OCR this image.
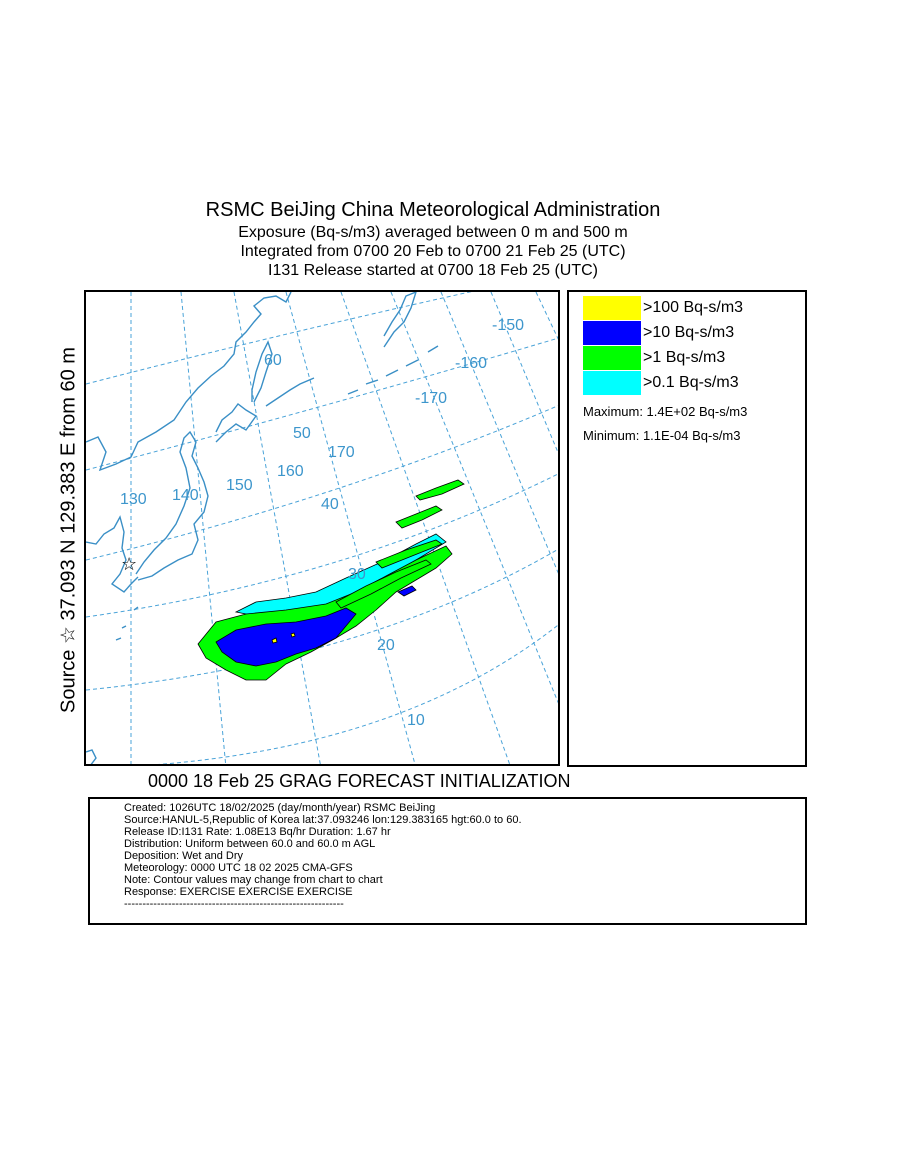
RSMC BeiJing China Meteorological Administration
Exposure (Bq-s/m3) averaged between 0 m and 500 m
Integrated from 0700 20 Feb to 0700 21 Feb 25 (UTC)
I131 Release started at 0700 18 Feb 25 (UTC)
Source ☆ 37.093 N 129.383 E from 60 m	130 140
150
160
170
-170
-160
-150
10
20
30
40
50
60
☆
>100 Bq-s/m3
>10 Bq-s/m3
>1 Bq-s/m3
>0.1 Bq-s/m3
Maximum: 1.4E+02 Bq-s/m3
Minimum: 1.1E-04 Bq-s/m3
0000 18 Feb 25 GRAG FORECAST INITIALIZATION
Created: 1026UTC 18/02/2025 (day/month/year) RSMC BeiJing
Source:HANUL-5,Republic of Korea lat:37.093246 lon:129.383165 hgt:60.0 to 60.
Release ID:I131 Rate: 1.08E13 Bq/hr Duration: 1.67 hr
Distribution: Uniform between 60.0 and 60.0 m AGL
Deposition: Wet and Dry
Meteorology: 0000 UTC 18 02 2025 CMA-GFS
Note: Contour values may change from chart to chart
Response: EXERCISE EXERCISE EXERCISE
------------------------------------------------------------
